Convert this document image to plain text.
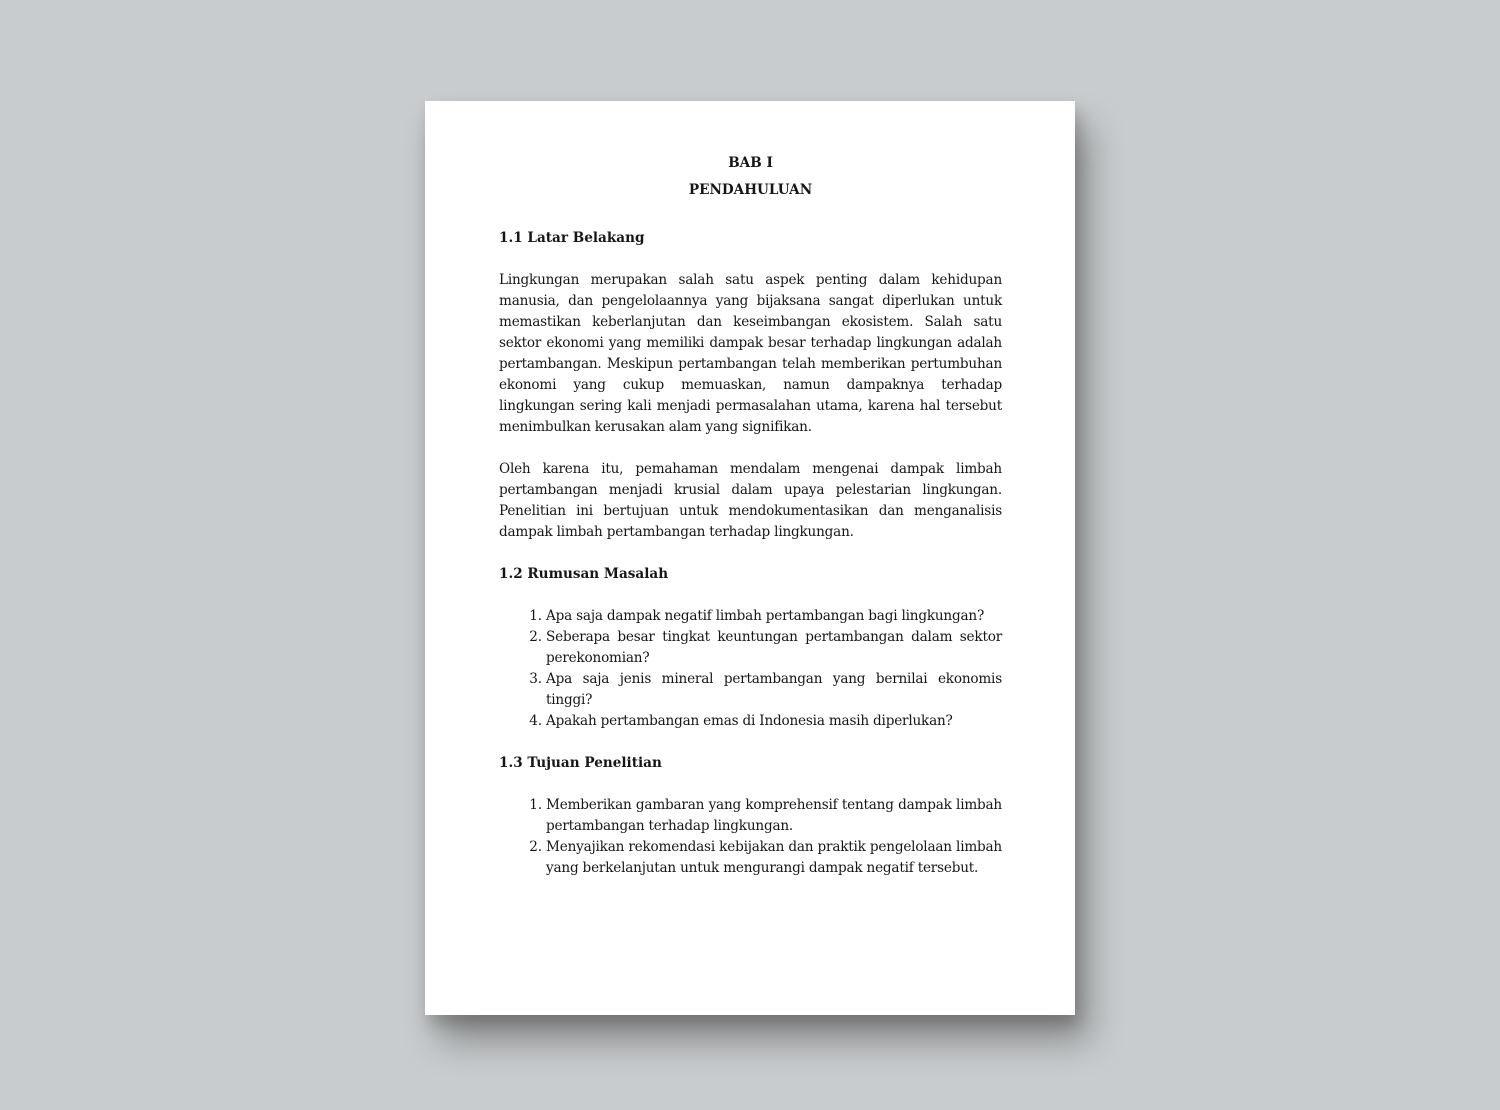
BAB I

PENDAHULUAN

1.1 Latar Belakang

Lingkungan merupakan salah satu aspek penting dalam kehidupan manusia, dan pengelolaannya yang bijaksana sangat diperlukan untuk memastikan keberlanjutan dan keseimbangan ekosistem. Salah satu sektor ekonomi yang memiliki dampak besar terhadap lingkungan adalah pertambangan. Meskipun pertambangan telah memberikan pertumbuhan ekonomi yang cukup memuaskan, namun dampaknya terhadap lingkungan sering kali menjadi permasalahan utama, karena hal tersebut menimbulkan kerusakan alam yang signifikan.

Oleh karena itu, pemahaman mendalam mengenai dampak limbah pertambangan menjadi krusial dalam upaya pelestarian lingkungan. Penelitian ini bertujuan untuk mendokumentasikan dan menganalisis dampak limbah pertambangan terhadap lingkungan.

1.2 Rumusan Masalah
1. Apa saja dampak negatif limbah pertambangan bagi lingkungan?
2. Seberapa besar tingkat keuntungan pertambangan dalam sektor perekonomian?
3. Apa saja jenis mineral pertambangan yang bernilai ekonomis tinggi?
4. Apakah pertambangan emas di Indonesia masih diperlukan?
1.3 Tujuan Penelitian
1. Memberikan gambaran yang komprehensif tentang dampak limbah pertambangan terhadap lingkungan.
2. Menyajikan rekomendasi kebijakan dan praktik pengelolaan limbah yang berkelanjutan untuk mengurangi dampak negatif tersebut.
